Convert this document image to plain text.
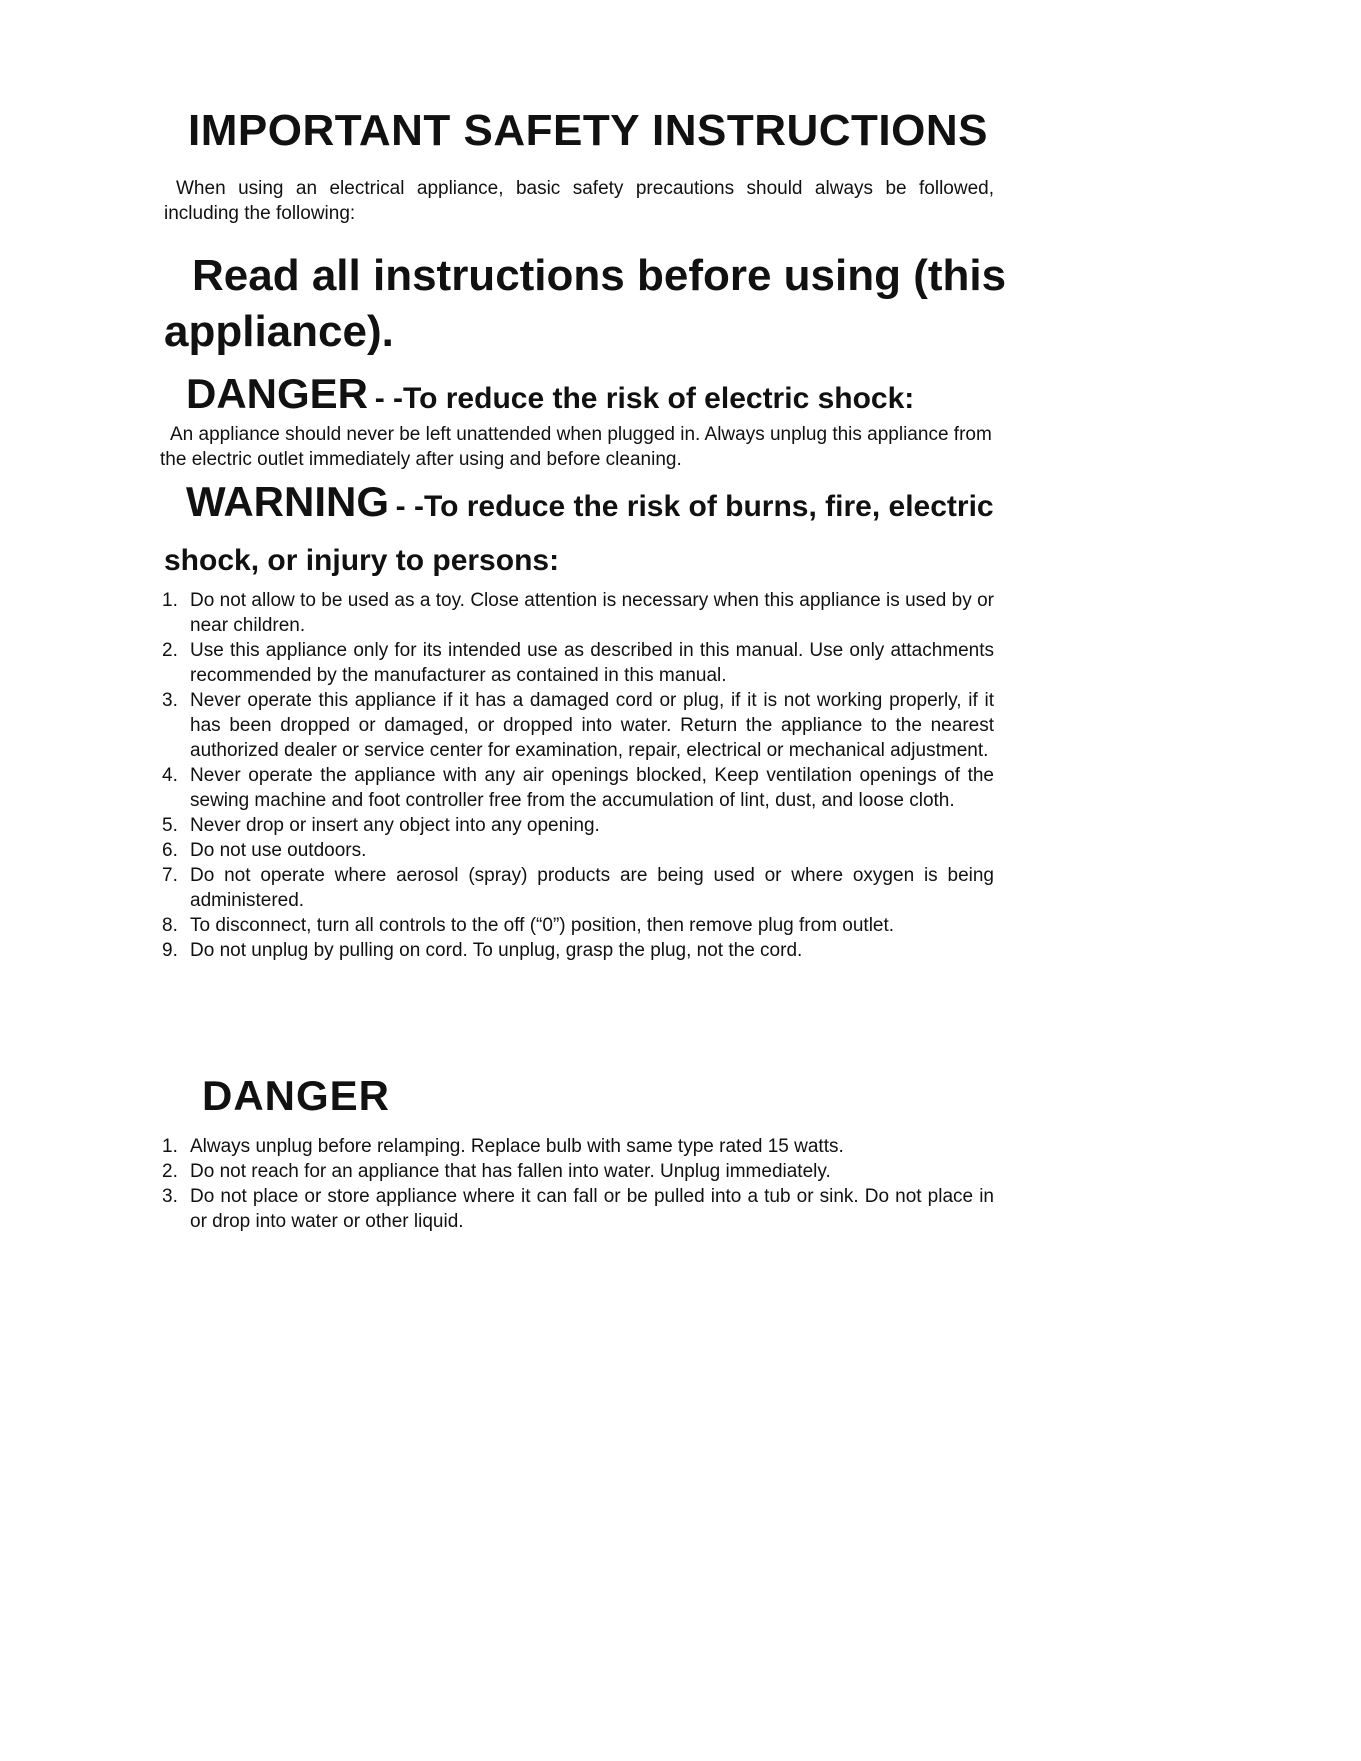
IMPORTANT SAFETY INSTRUCTIONS

When using an electrical appliance, basic safety precautions should always be followed, including the following:

Read all instructions before using (this appliance).
DANGER - -To reduce the risk of electric shock:

An appliance should never be left unattended when plugged in. Always unplug this appliance from the electric outlet immediately after using and before cleaning.

WARNING - -To reduce the risk of burns, fire, electric shock, or injury to persons:
1. Do not allow to be used as a toy. Close attention is necessary when this appliance is used by or near children.
2. Use this appliance only for its intended use as described in this manual. Use only attachments recommended by the manufacturer as contained in this manual.
3. Never operate this appliance if it has a damaged cord or plug, if it is not working properly, if it has been dropped or damaged, or dropped into water. Return the appliance to the nearest authorized dealer or service center for examination, repair, electrical or mechanical adjustment.
4. Never operate the appliance with any air openings blocked, Keep ventilation openings of the sewing machine and foot controller free from the accumulation of lint, dust, and loose cloth.
5. Never drop or insert any object into any opening.
6. Do not use outdoors.
7. Do not operate where aerosol (spray) products are being used or where oxygen is being administered.
8. To disconnect, turn all controls to the off (“0”) position, then remove plug from outlet.
9. Do not unplug by pulling on cord. To unplug, grasp the plug, not the cord.
DANGER
1. Always unplug before relamping. Replace bulb with same type rated 15 watts.
2. Do not reach for an appliance that has fallen into water. Unplug immediately.
3. Do not place or store appliance where it can fall or be pulled into a tub or sink. Do not place in or drop into water or other liquid.
